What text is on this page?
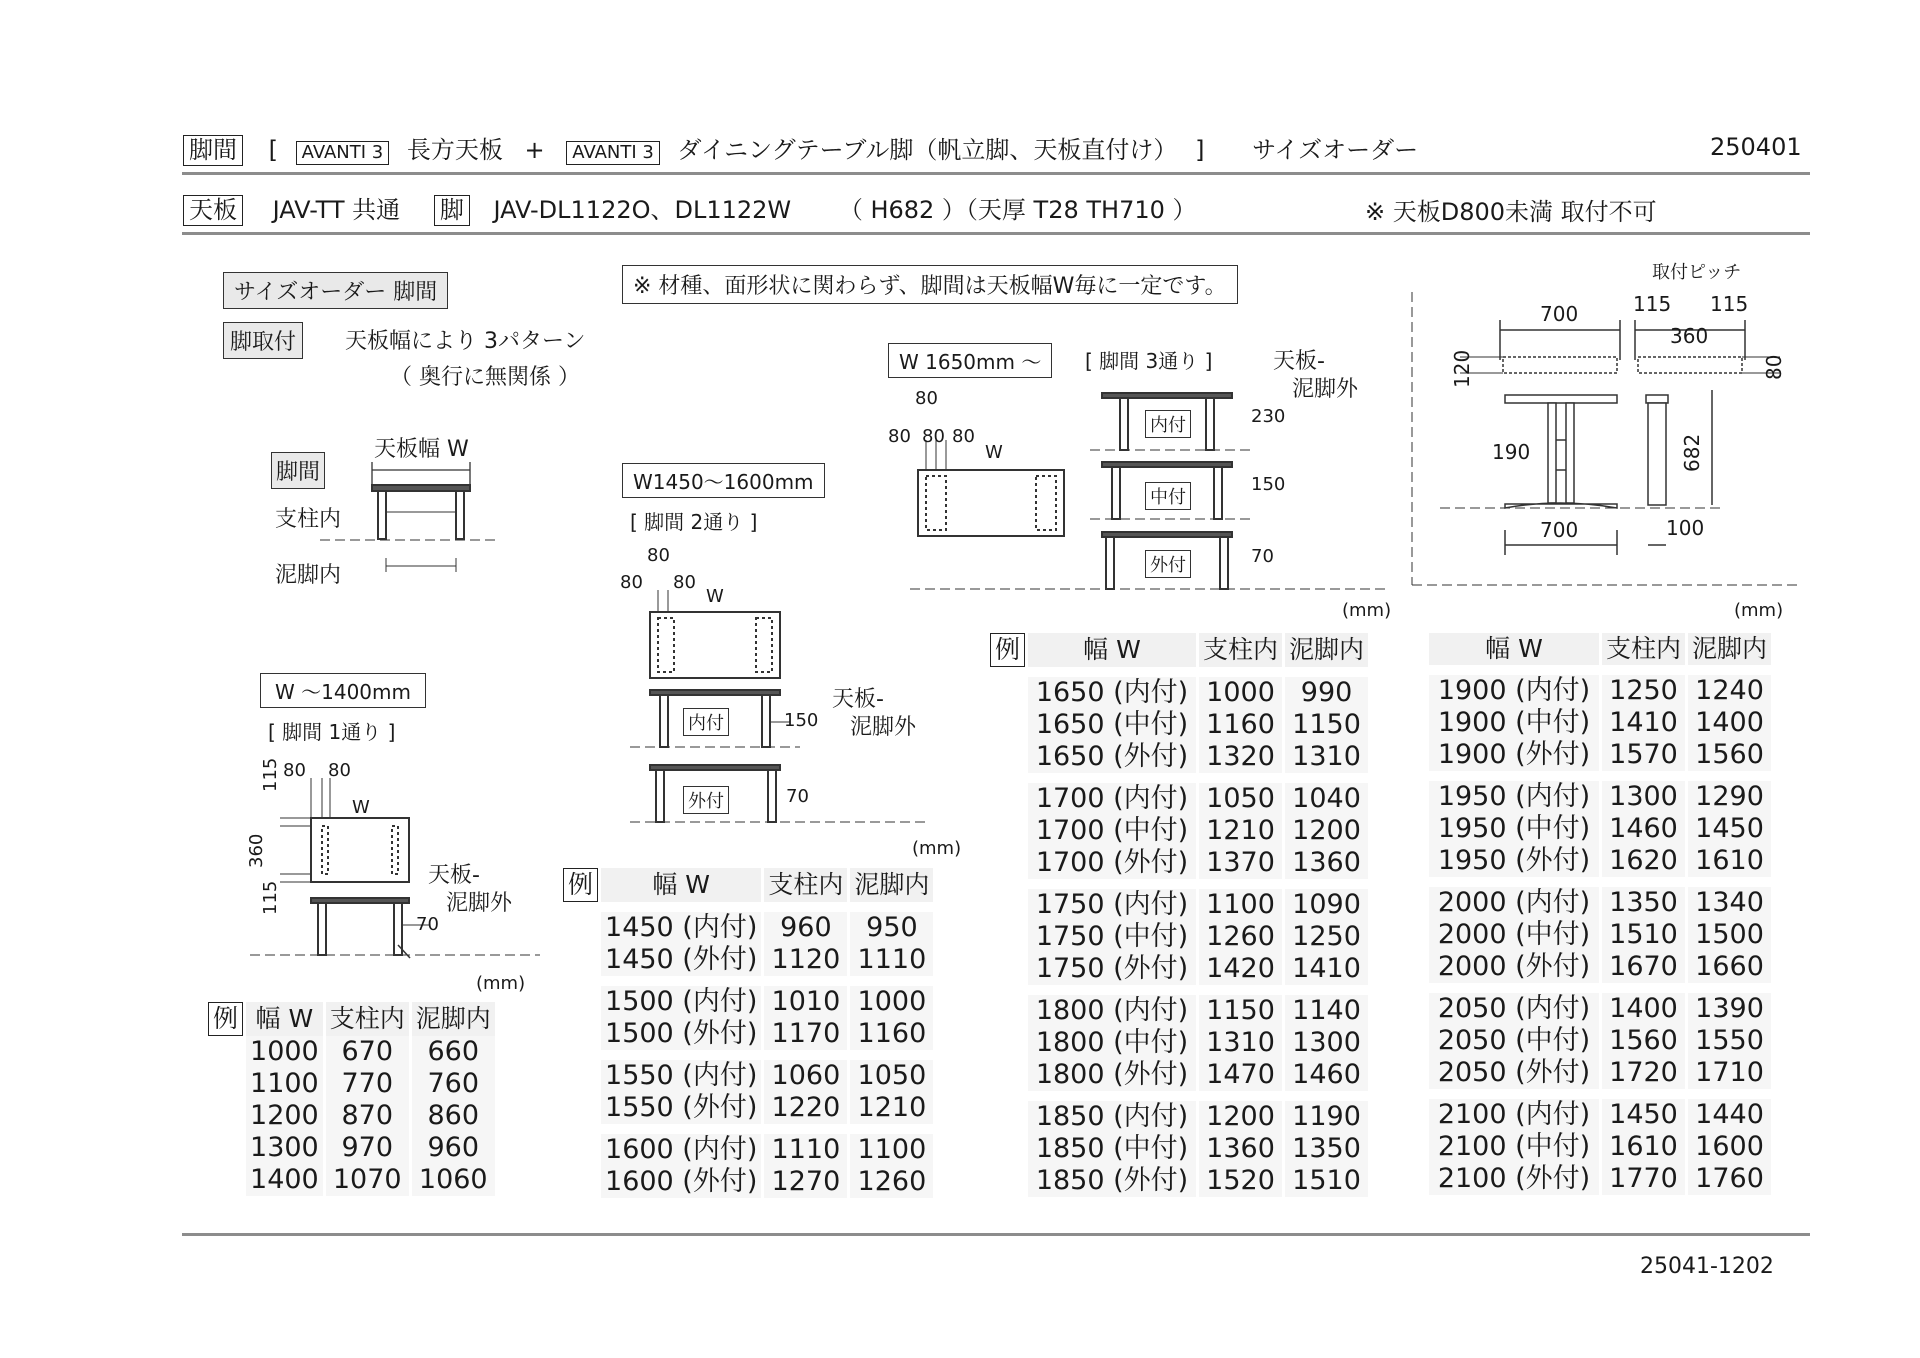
脚間 [ AVANTI 3 長方天板 + AVANTI 3 ダイニングテーブル脚（帆立脚、天板直付け） ] サイズオーダー	250401
天板 JAV-TT 共通 脚 JAV-DL1122O、DL1122W （ H682 ）（天厚 T28 TH710 ）	※ 天板D800未満 取付不可
※ 材種、面形状に関わらず、脚間は天板幅W毎に一定です。
サイズオーダー 脚間
脚取付	天板幅により 3パターン
（ 奥行に無関係 ）
脚間
天板幅 W
支柱内
泥脚内
W ～1400mm
[ 脚間 1通り ]
80 80
W
115
360
115
天板-
泥脚外
70
(mm)
例	幅 W	支柱内	泥脚内
	1000	670	660
	1100	770	760
	1200	870	860
	1300	970	960
	1400	1070	1060
W1450～1600mm
[ 脚間 2通り ]
80
80 80
W
内付
外付
150
70
天板-
泥脚外
(mm)
例	幅 W	支柱内	泥脚内

	1450 (内付)	960	950
	1450 (外付)	1120	1110

	1500 (内付)	1010	1000
	1500 (外付)	1170	1160

	1550 (内付)	1060	1050
	1550 (外付)	1220	1210

	1600 (内付)	1110	1100
	1600 (外付)	1270	1260
W 1650mm ～	[ 脚間 3通り ]	天板-
泥脚外
80
80 80 80
W
内付
中付
外付
230
150
70
(mm)	(mm)
例	幅 W	支柱内	泥脚内

	1650 (内付)	1000	990
	1650 (中付)	1160	1150
	1650 (外付)	1320	1310

	1700 (内付)	1050	1040
	1700 (中付)	1210	1200
	1700 (外付)	1370	1360

	1750 (内付)	1100	1090
	1750 (中付)	1260	1250
	1750 (外付)	1420	1410

	1800 (内付)	1150	1140
	1800 (中付)	1310	1300
	1800 (外付)	1470	1460

	1850 (内付)	1200	1190
	1850 (中付)	1360	1350
	1850 (外付)	1520	1510
幅 W	支柱内	泥脚内

1900 (内付)	1250	1240
1900 (中付)	1410	1400
1900 (外付)	1570	1560

1950 (内付)	1300	1290
1950 (中付)	1460	1450
1950 (外付)	1620	1610

2000 (内付)	1350	1340
2000 (中付)	1510	1500
2000 (外付)	1670	1660

2050 (内付)	1400	1390
2050 (中付)	1560	1550
2050 (外付)	1720	1710

2100 (内付)	1450	1440
2100 (中付)	1610	1600
2100 (外付)	1770	1760
取付ピッチ
700	115 115
360
120	80
190	682
700	100
25041-1202
